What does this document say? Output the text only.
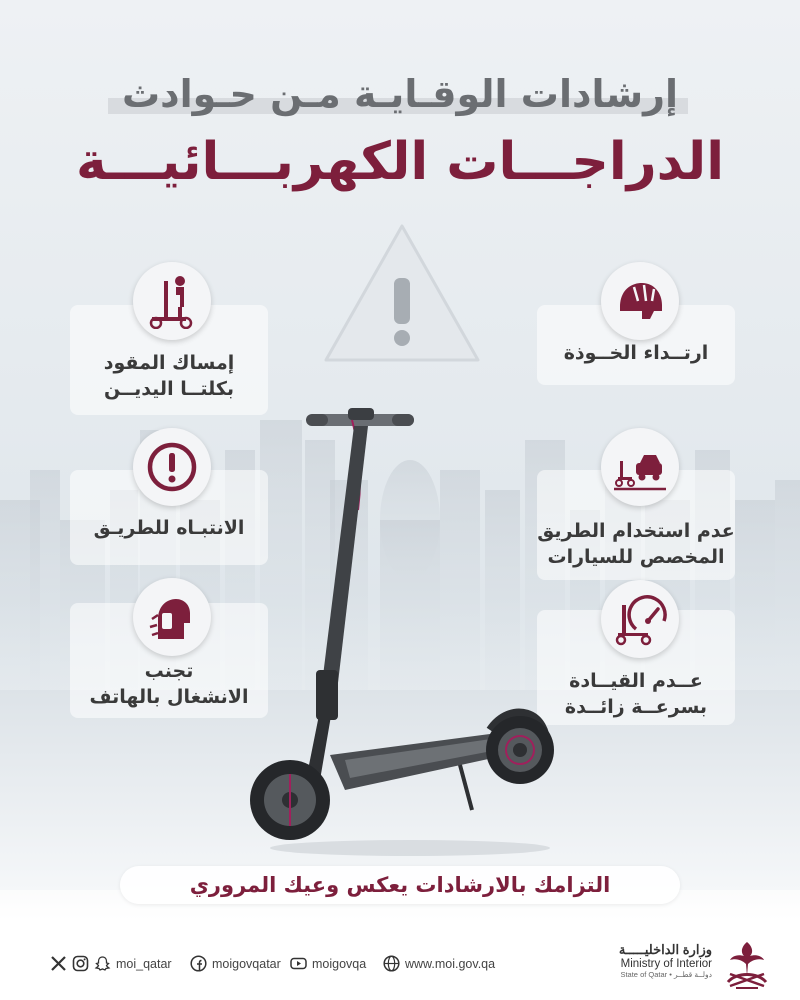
إرشادات الوقـايـة مـن حـوادث
الدراجـــات الكهربـــائيـــة
إمساك المقود
بكلتــا اليديــن
الانتبـاه للطريـق
تجنب
الانشغال بالهاتف
ارتــداء الخــوذة
عدم استخدام الطريق
المخصص للسيارات
عــدم القيــادة
بسرعــة زائــدة
التزامك بالارشادات يعكس وعيك المروري
moi_qatar	moigovqatar moigovqa	www.moi.gov.qa
وزارة الداخليـــــة
Ministry of Interior
State of Qatar • دولــة قطــر
